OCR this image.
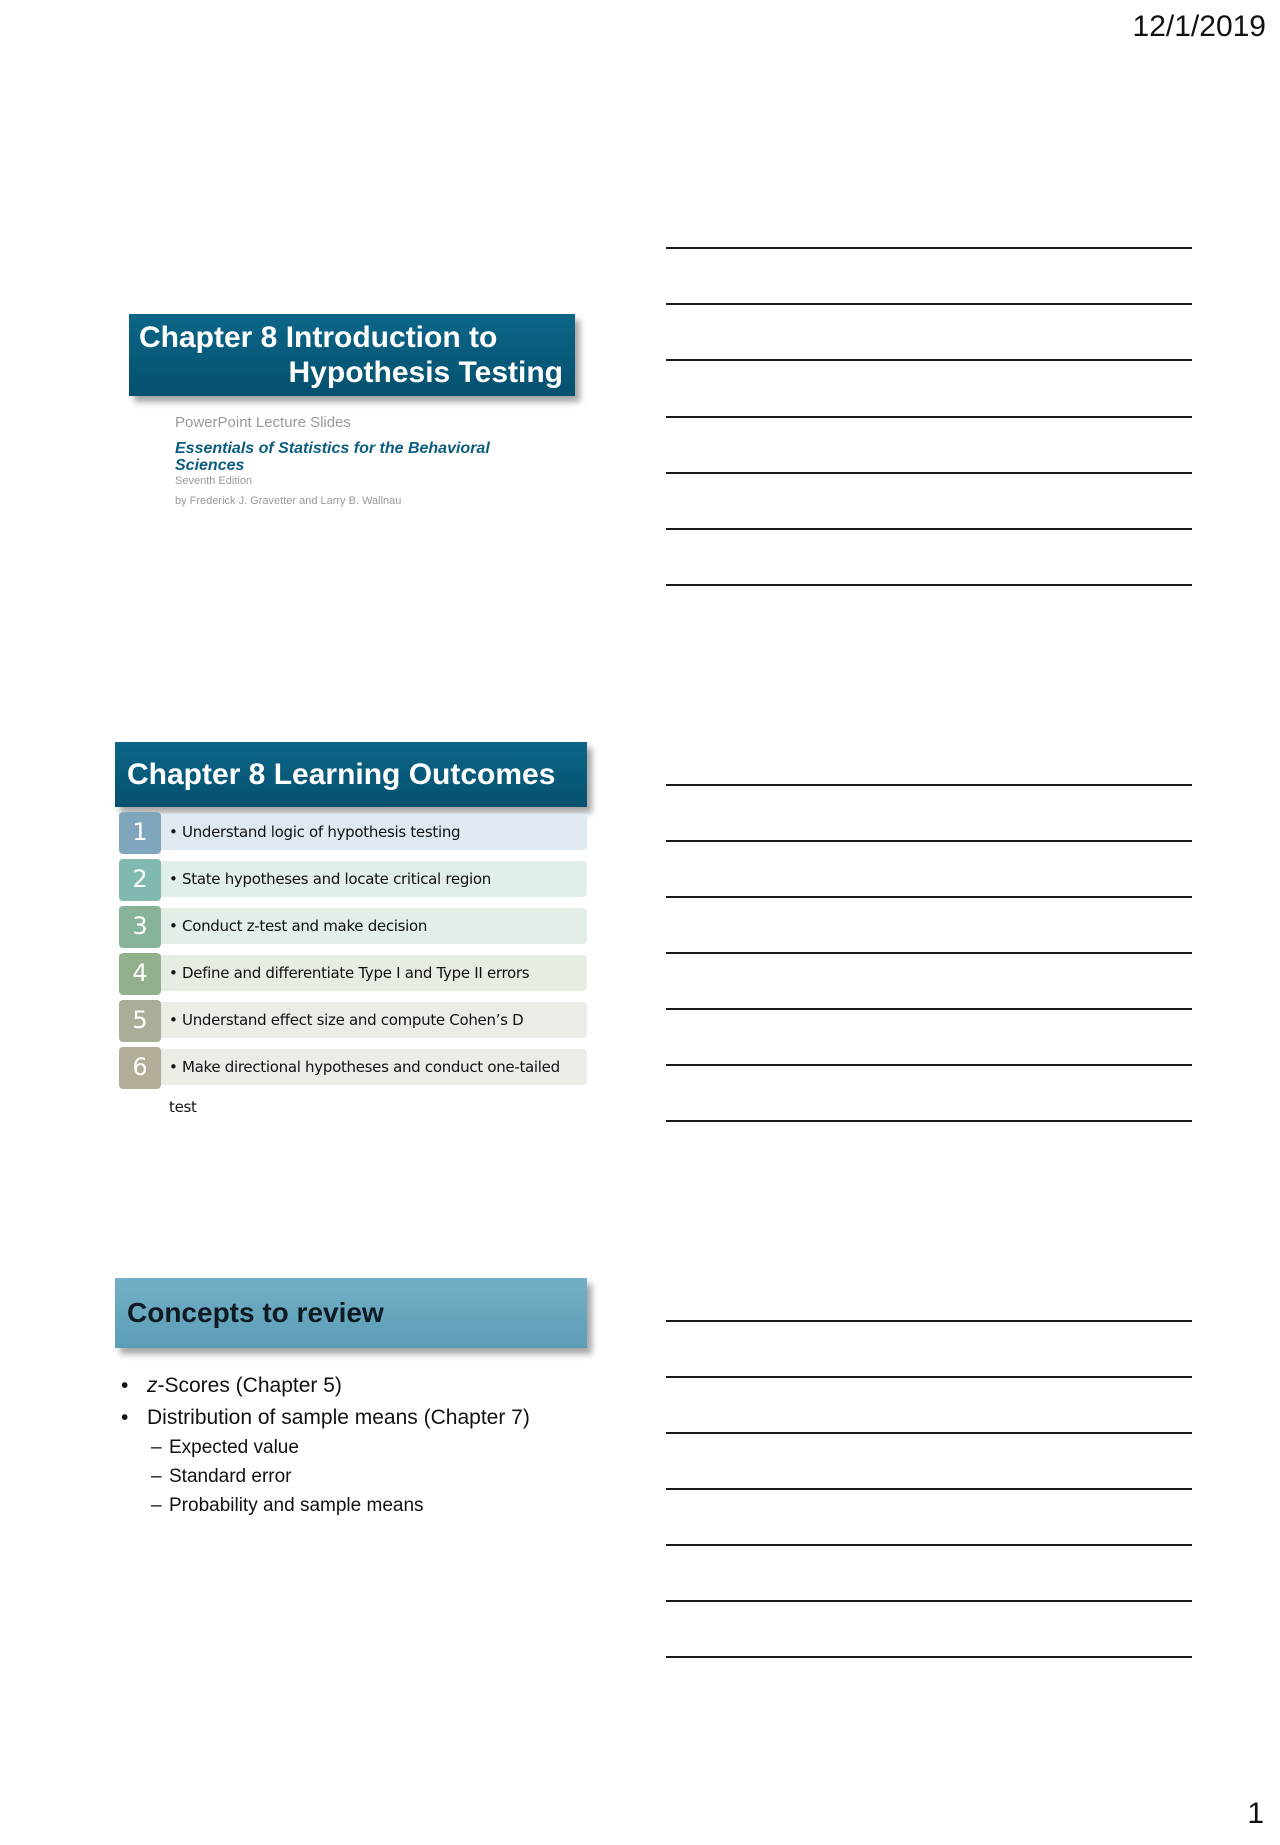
12/1/2019
Chapter 8 Introduction to
Hypothesis Testing
PowerPoint Lecture Slides
Essentials of Statistics for the Behavioral Sciences
Seventh Edition
by Frederick J. Gravetter and Larry B. Wallnau
Chapter 8 Learning Outcomes
1	• Understand logic of hypothesis testing
2	• State hypotheses and locate critical region
3	• Conduct z-test and make decision
4	• Define and differentiate Type I and Type II errors
5	• Understand effect size and compute Cohen’s D
6	• Make directional hypotheses and conduct one-tailed test
Concepts to review
• z-Scores (Chapter 5)
• Distribution of sample means (Chapter 7)
– Expected value
– Standard error
– Probability and sample means
1
